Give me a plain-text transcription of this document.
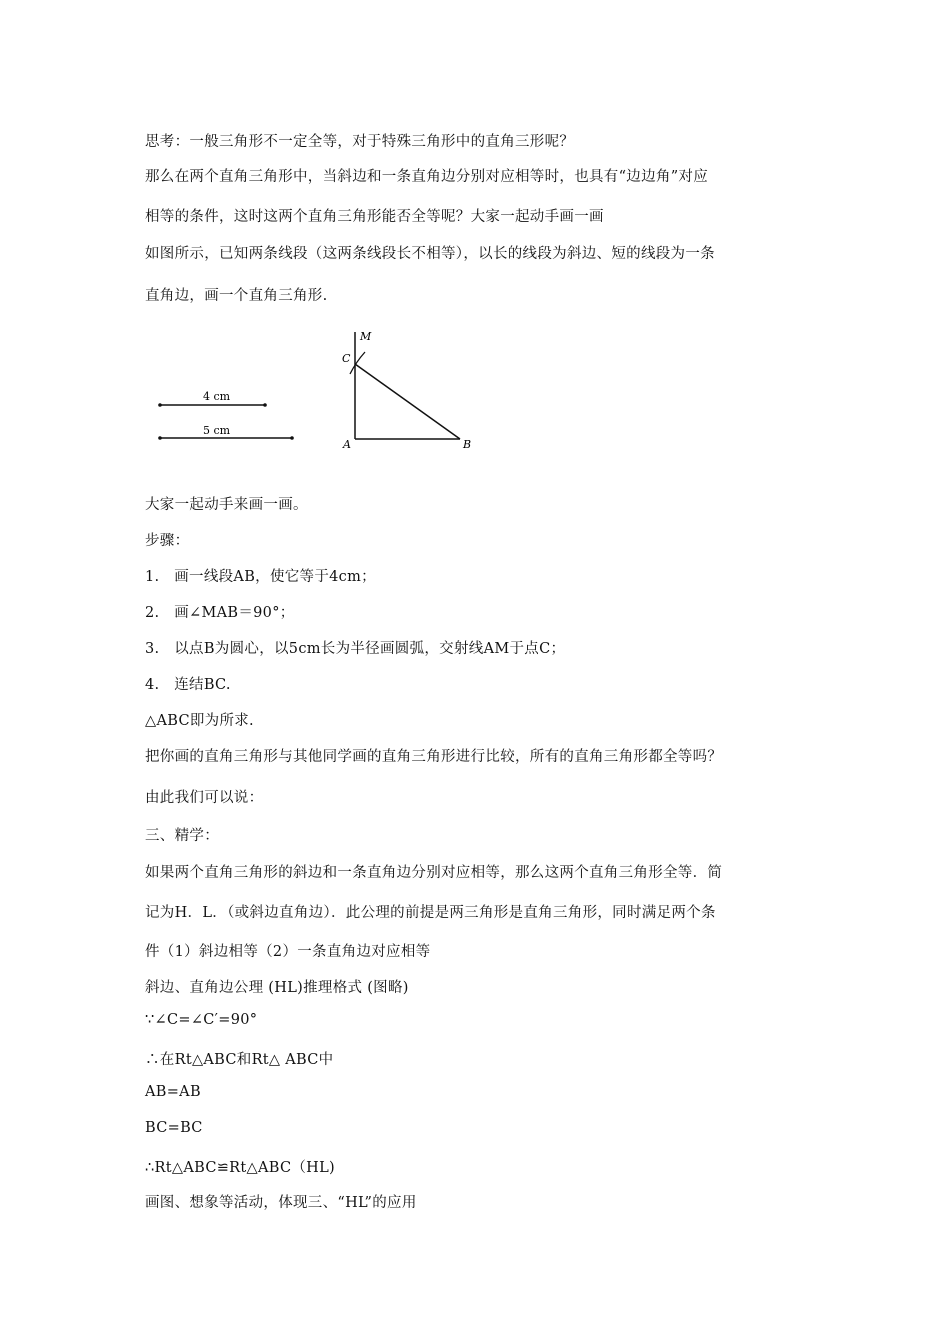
思考：一般三角形不一定全等，对于特殊三角形中的直角三形呢？
那么在两个直角三角形中，当斜边和一条直角边分别对应相等时，也具有“边边角”对应
相等的条件，这时这两个直角三角形能否全等呢？大家一起动手画一画
如图所示，已知两条线段（这两条线段长不相等），以长的线段为斜边、短的线段为一条
直角边，画一个直角三角形.
4 cm
5 cm
M
C
A	B
大家一起动手来画一画。
步骤：
1.　画一线段AB，使它等于4cm；
2.　画∠MAB＝90°；
3.　以点B为圆心，以5cm长为半径画圆弧，交射线AM于点C；
4.　连结BC.
△ABC即为所求.
把你画的直角三角形与其他同学画的直角三角形进行比较，所有的直角三角形都全等吗？
由此我们可以说：
三、精学：
如果两个直角三角形的斜边和一条直角边分别对应相等，那么这两个直角三角形全等．简
记为H．L．（或斜边直角边）．此公理的前提是两三角形是直角三角形，同时满足两个条
件（1）斜边相等（2）一条直角边对应相等
斜边、直角边公理 (HL)推理格式 (图略)
∵∠C=∠C′=90°
∴在Rt△ABC和Rt△ ABC中
AB=AB
BC=BC
∴Rt△ABC≌Rt△ABC（HL)
画图、想象等活动，体现三、“HL”的应用
